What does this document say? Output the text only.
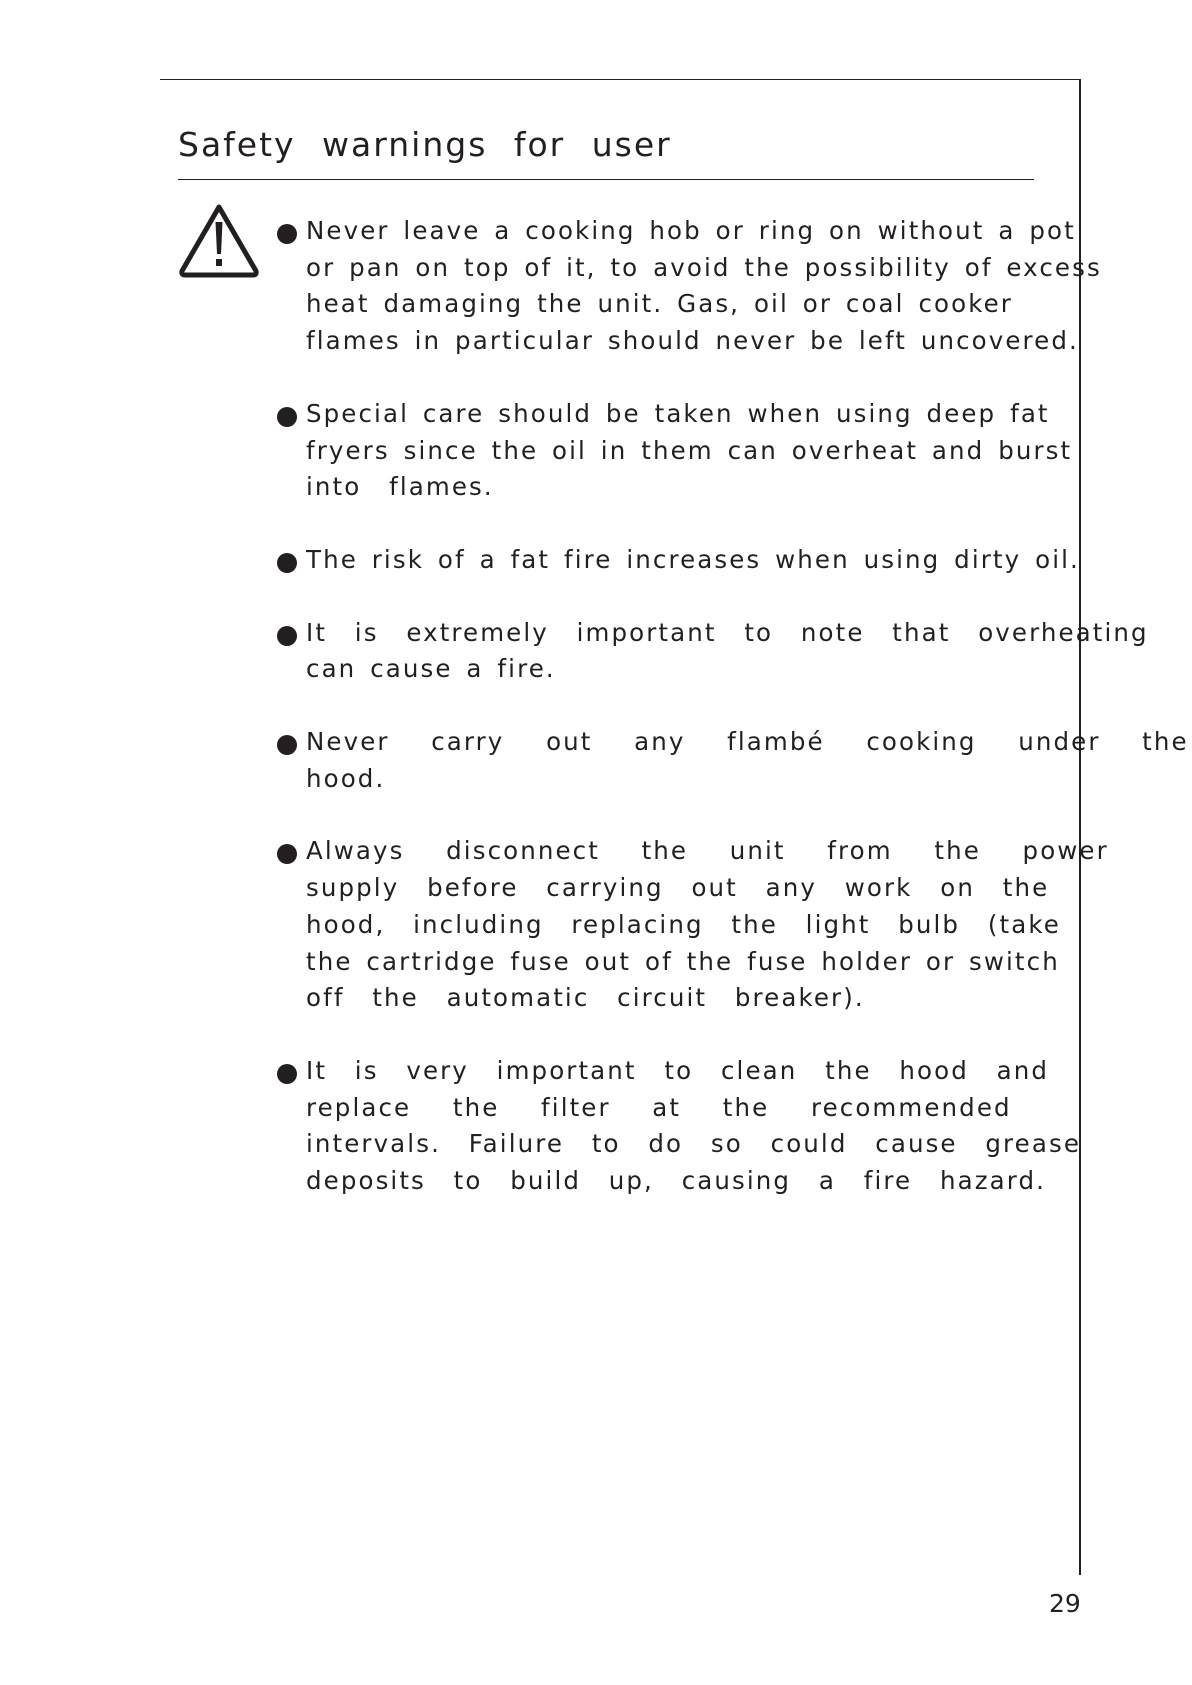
Safety warnings for user
Never leave a cooking hob or ring on without a pot
or pan on top of it, to avoid the possibility of excess
heat damaging the unit. Gas, oil or coal cooker
flames in particular should never be left uncovered.
Special care should be taken when using deep fat
fryers since the oil in them can overheat and burst
into  flames.
The risk of a fat fire increases when using dirty oil.
It  is  extremely  important  to  note  that  overheating
can cause a fire.
Never   carry   out   any   flambé   cooking   under   the
hood.
Always   disconnect   the   unit   from   the   power
supply  before  carrying  out  any  work  on  the
hood,  including  replacing  the  light  bulb  (take
the cartridge fuse out of the fuse holder or switch
off  the  automatic  circuit  breaker).
It  is  very  important  to  clean  the  hood  and
replace   the   filter   at   the   recommended
intervals.  Failure  to  do  so  could  cause  grease
deposits  to  build  up,  causing  a  fire  hazard.
29
